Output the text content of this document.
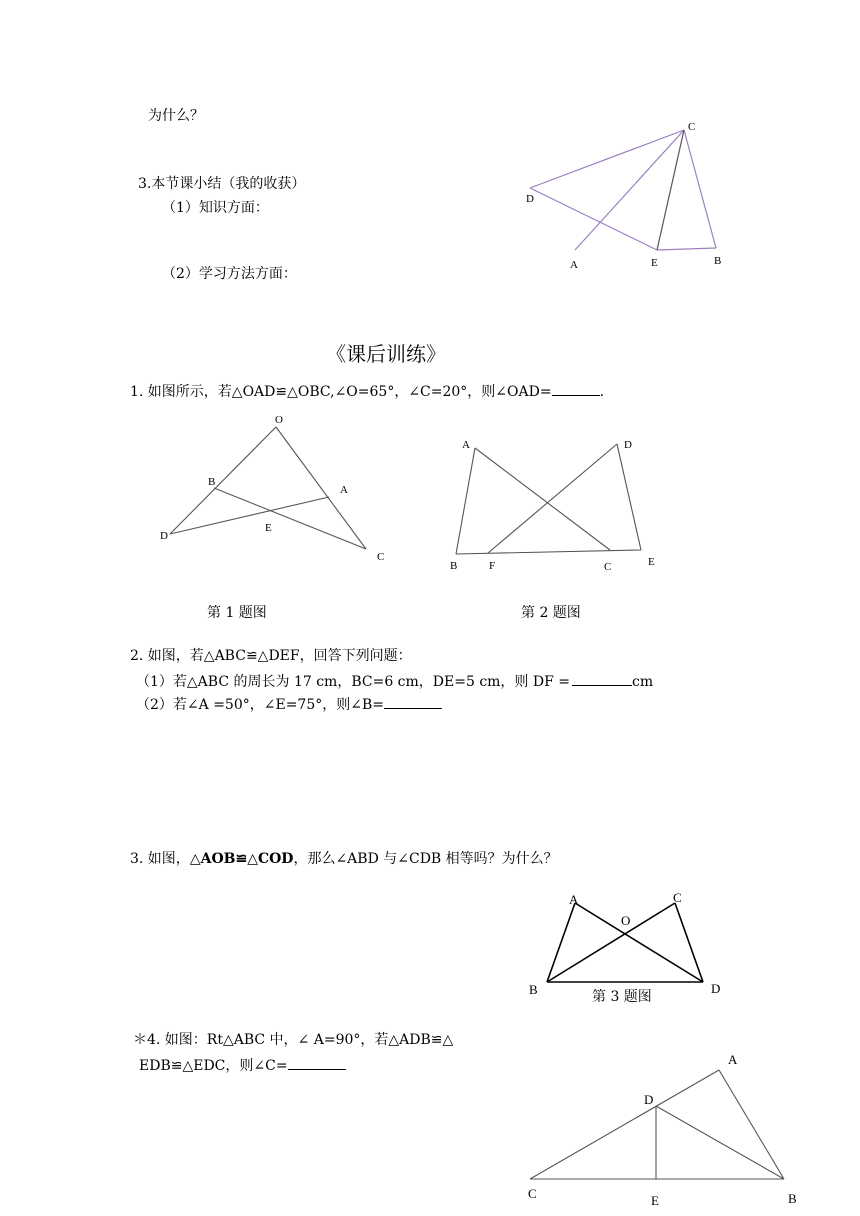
为什么？
3.本节课小结（我的收获）
（1）知识方面：
（2）学习方法方面：
C
D
A	E	B
《课后训练》
1. 如图所示，若△OAD≌△OBC,∠O=65°，∠C=20°，则∠OAD=	.
O
B
A
D
E
C
A	D
B	F	C	E
第 1 题图	第 2 题图
2. 如图，若△ABC≌△DEF，回答下列问题：
（1）若△ABC 的周长为 17 cm，BC=6 cm，DE=5 cm，则 DF =	cm
（2）若∠A =50°，∠E=75°，则∠B=
3. 如图，△AOB≌△COD，那么∠ABD 与∠CDB 相等吗？为什么？
A	C
O
B	D
第 3 题图
＊4. 如图：Rt△ABC 中，∠ A=90°，若△ADB≌△
EDB≌△EDC，则∠C=	A
D
C	E	B
